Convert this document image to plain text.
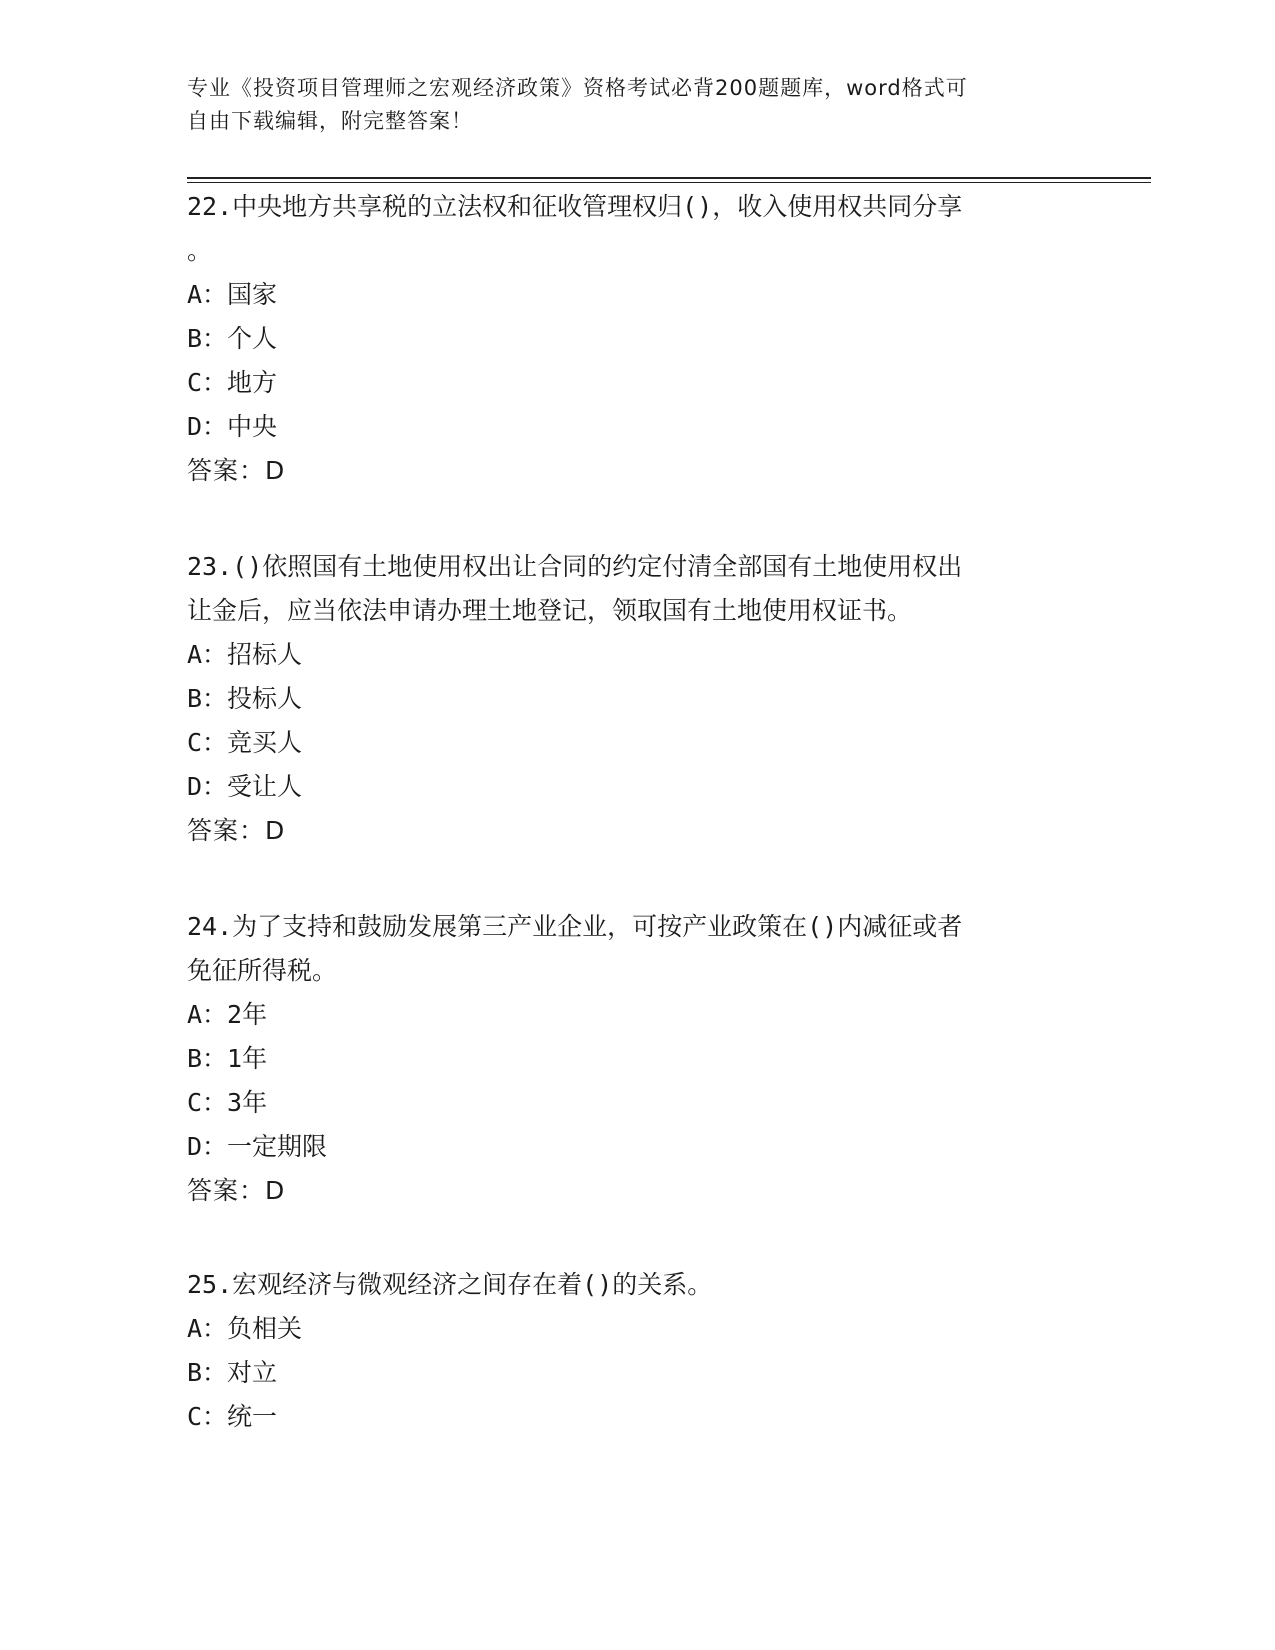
专业《投资项目管理师之宏观经济政策》资格考试必背200题题库，word格式可
自由下载编辑，附完整答案！
22.中央地方共享税的立法权和征收管理权归()，收入使用权共同分享
。
A：国家
B：个人
C：地方
D：中央
答案：D
23.()依照国有土地使用权出让合同的约定付清全部国有土地使用权出
让金后，应当依法申请办理土地登记，领取国有土地使用权证书。
A：招标人
B：投标人
C：竞买人
D：受让人
答案：D
24.为了支持和鼓励发展第三产业企业，可按产业政策在()内减征或者
免征所得税。
A：2年
B：1年
C：3年
D：一定期限
答案：D
25.宏观经济与微观经济之间存在着()的关系。
A：负相关
B：对立
C：统一
